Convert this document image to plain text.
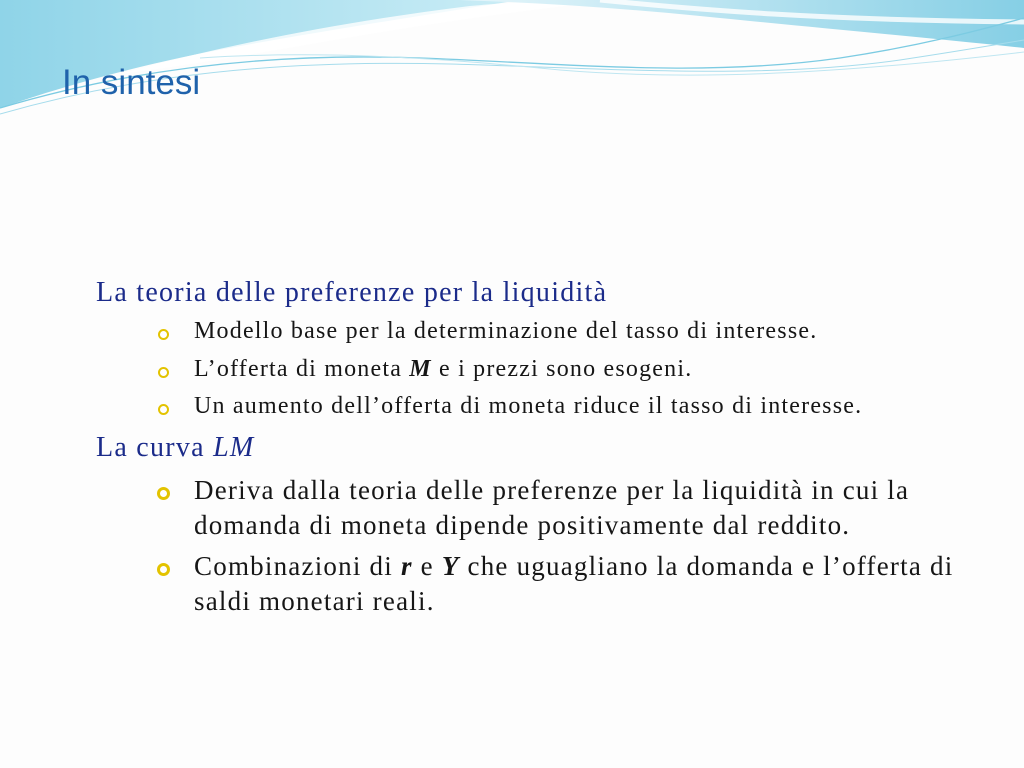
In sintesi
La teoria delle preferenze per la liquidità
Modello base per la determinazione del tasso di interesse.
L’offerta di moneta M e i prezzi sono esogeni.
Un aumento dell’offerta di moneta riduce il tasso di interesse.
La curva LM
Deriva dalla teoria delle preferenze per la liquidità in cui la
domanda di moneta dipende positivamente dal reddito.
Combinazioni di r e Y che uguagliano la domanda e l’offerta di
saldi monetari reali.
